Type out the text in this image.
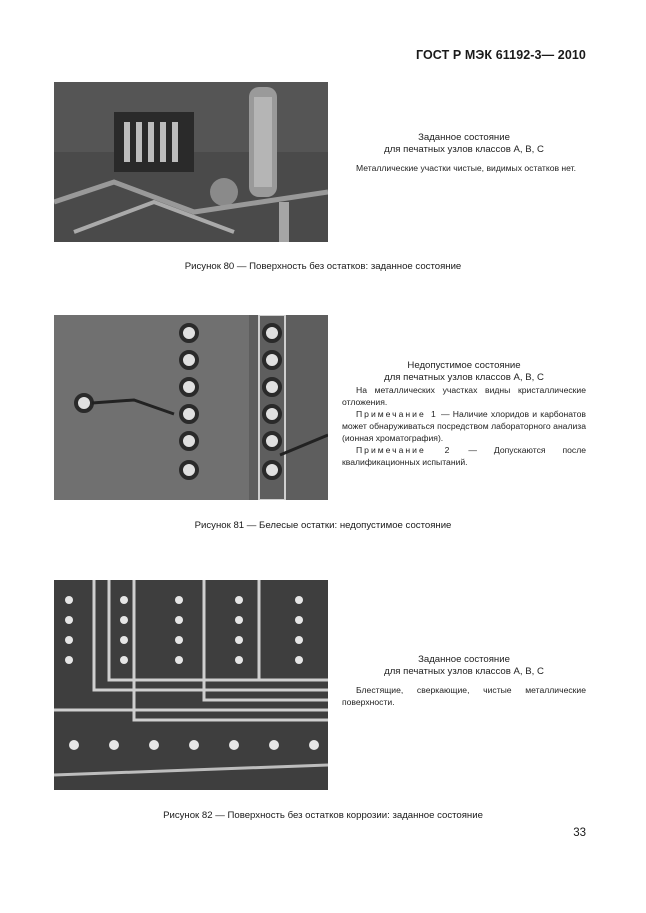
ГОСТ Р МЭК 61192-3— 2010
Заданное состояние
для печатных узлов классов А, В, С

Металлические участки чистые, видимых остатков нет.

Рисунок 80 — Поверхность без остатков: заданное состояние
Недопустимое состояние
для печатных узлов классов А, В, С

На металлических участках видны кристаллические отложения.

Примечание 1 — Наличие хлоридов и карбонатов может обнаруживаться посредством лабораторного анализа (ионная хроматография).

Примечание 2 — Допускаются после квалификационных испытаний.

Рисунок 81 — Белесые остатки: недопустимое состояние
Заданное состояние
для печатных узлов классов А, В, С

Блестящие, сверкающие, чистые металлические поверхности.

Рисунок 82 — Поверхность без остатков коррозии: заданное состояние
33
